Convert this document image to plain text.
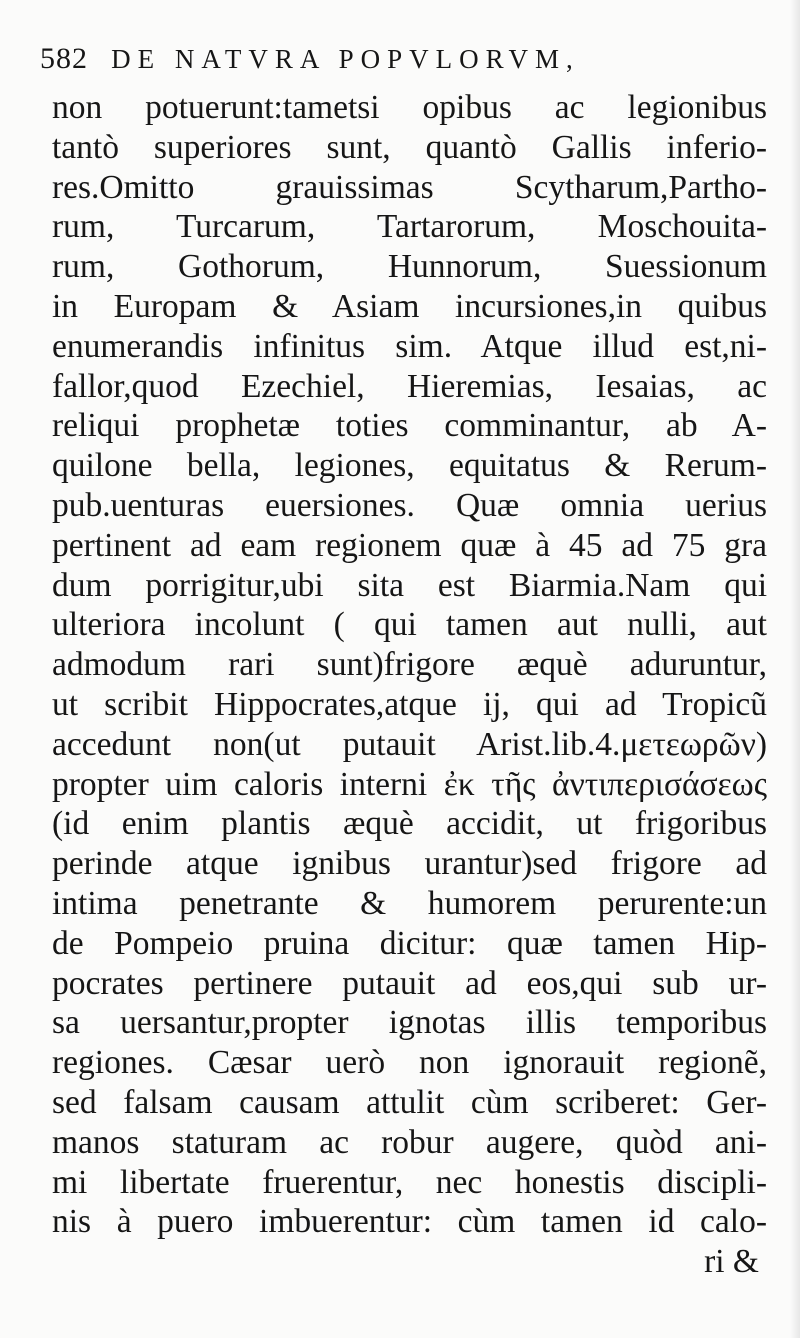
582 DE NATVRA POPVLORVM,
non potuerunt:tametsi opibus ac legionibus
tantò superiores sunt, quantò Gallis inferio-
res.Omitto grauissimas Scytharum,Partho-
rum, Turcarum, Tartarorum, Moschouita-
rum, Gothorum, Hunnorum, Suessionum
in Europam & Asiam incursiones,in quibus
enumerandis infinitus sim. Atque illud est,ni-
fallor,quod Ezechiel, Hieremias, Iesaias, ac
reliqui prophetæ toties comminantur, ab A-
quilone bella, legiones, equitatus & Rerum-
pub.uenturas euersiones. Quæ omnia uerius
pertinent ad eam regionem quæ à 45 ad 75 gra
dum porrigitur,ubi sita est Biarmia.Nam qui
ulteriora incolunt ( qui tamen aut nulli, aut
admodum rari sunt)frigore æquè aduruntur,
ut scribit Hippocrates,atque ij, qui ad Tropicũ
accedunt non(ut putauit Arist.lib.4.μετεωρῶν)
propter uim caloris interni ἐκ τῆς ἀντιπερισάσεως
(id enim plantis æquè accidit, ut frigoribus
perinde atque ignibus urantur)sed frigore ad
intima penetrante & humorem perurente:un
de Pompeio pruina dicitur: quæ tamen Hip-
pocrates pertinere putauit ad eos,qui sub ur-
sa uersantur,propter ignotas illis temporibus
regiones. Cæsar uerò non ignorauit regionẽ,
sed falsam causam attulit cùm scriberet: Ger-
manos staturam ac robur augere, quòd ani-
mi libertate fruerentur, nec honestis discipli-
nis à puero imbuerentur: cùm tamen id calo-
ri &
